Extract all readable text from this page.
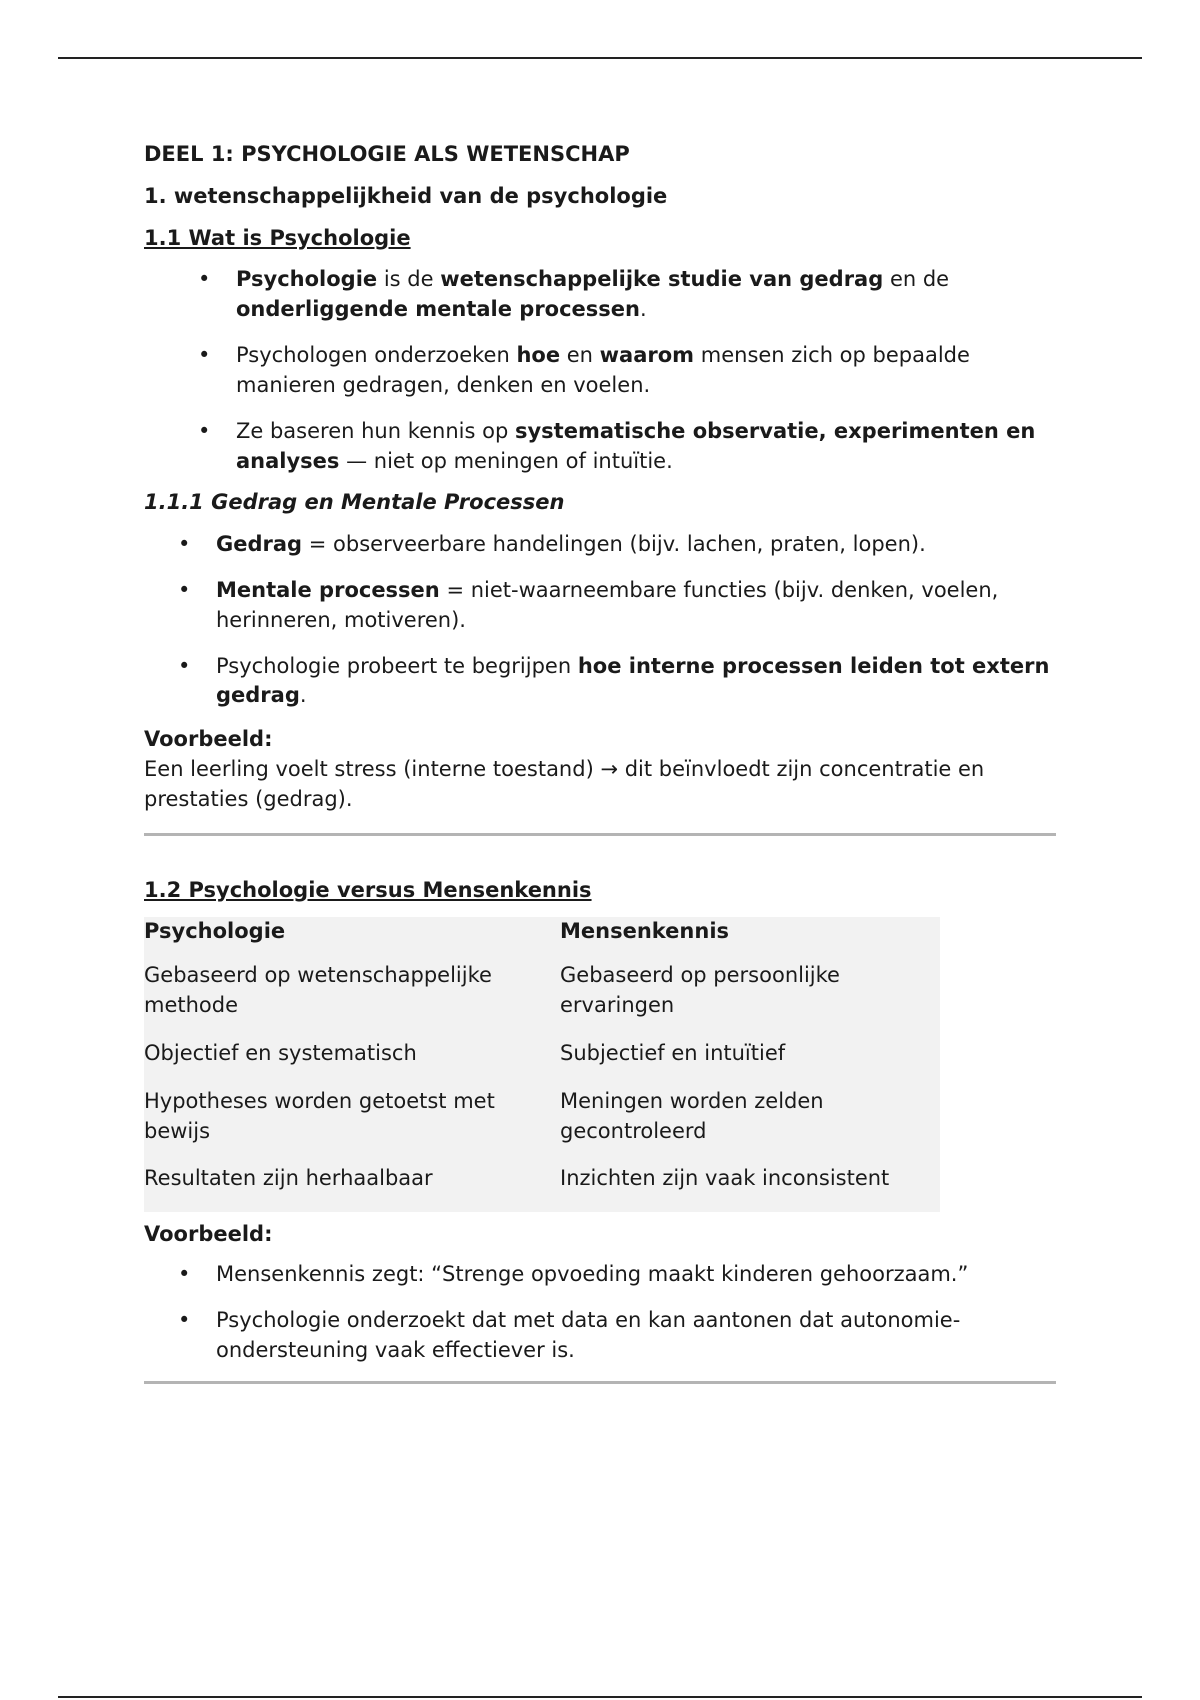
DEEL 1: PSYCHOLOGIE ALS WETENSCHAP

1. wetenschappelijkheid van de psychologie

1.1 Wat is Psychologie

• Psychologie is de wetenschappelijke studie van gedrag en de onderliggende mentale processen.
• Psychologen onderzoeken hoe en waarom mensen zich op bepaalde manieren gedragen, denken en voelen.
• Ze baseren hun kennis op systematische observatie, experimenten en analyses — niet op meningen of intuïtie.

1.1.1 Gedrag en Mentale Processen

• Gedrag = observeerbare handelingen (bijv. lachen, praten, lopen).
• Mentale processen = niet-waarneembare functies (bijv. denken, voelen, herinneren, motiveren).
• Psychologie probeert te begrijpen hoe interne processen leiden tot extern gedrag.

Voorbeeld:

Een leerling voelt stress (interne toestand) → dit beïnvloedt zijn concentratie en prestaties (gedrag).

1.2 Psychologie versus Mensenkennis

Psychologie	Mensenkennis
Gebaseerd op wetenschappelijke methode	Gebaseerd op persoonlijke ervaringen
Objectief en systematisch	Subjectief en intuïtief
Hypotheses worden getoetst met bewijs	Meningen worden zelden gecontroleerd
Resultaten zijn herhaalbaar	Inzichten zijn vaak inconsistent

Voorbeeld:

• Mensenkennis zegt: “Strenge opvoeding maakt kinderen gehoorzaam.”
• Psychologie onderzoekt dat met data en kan aantonen dat autonomie-ondersteuning vaak effectiever is.
